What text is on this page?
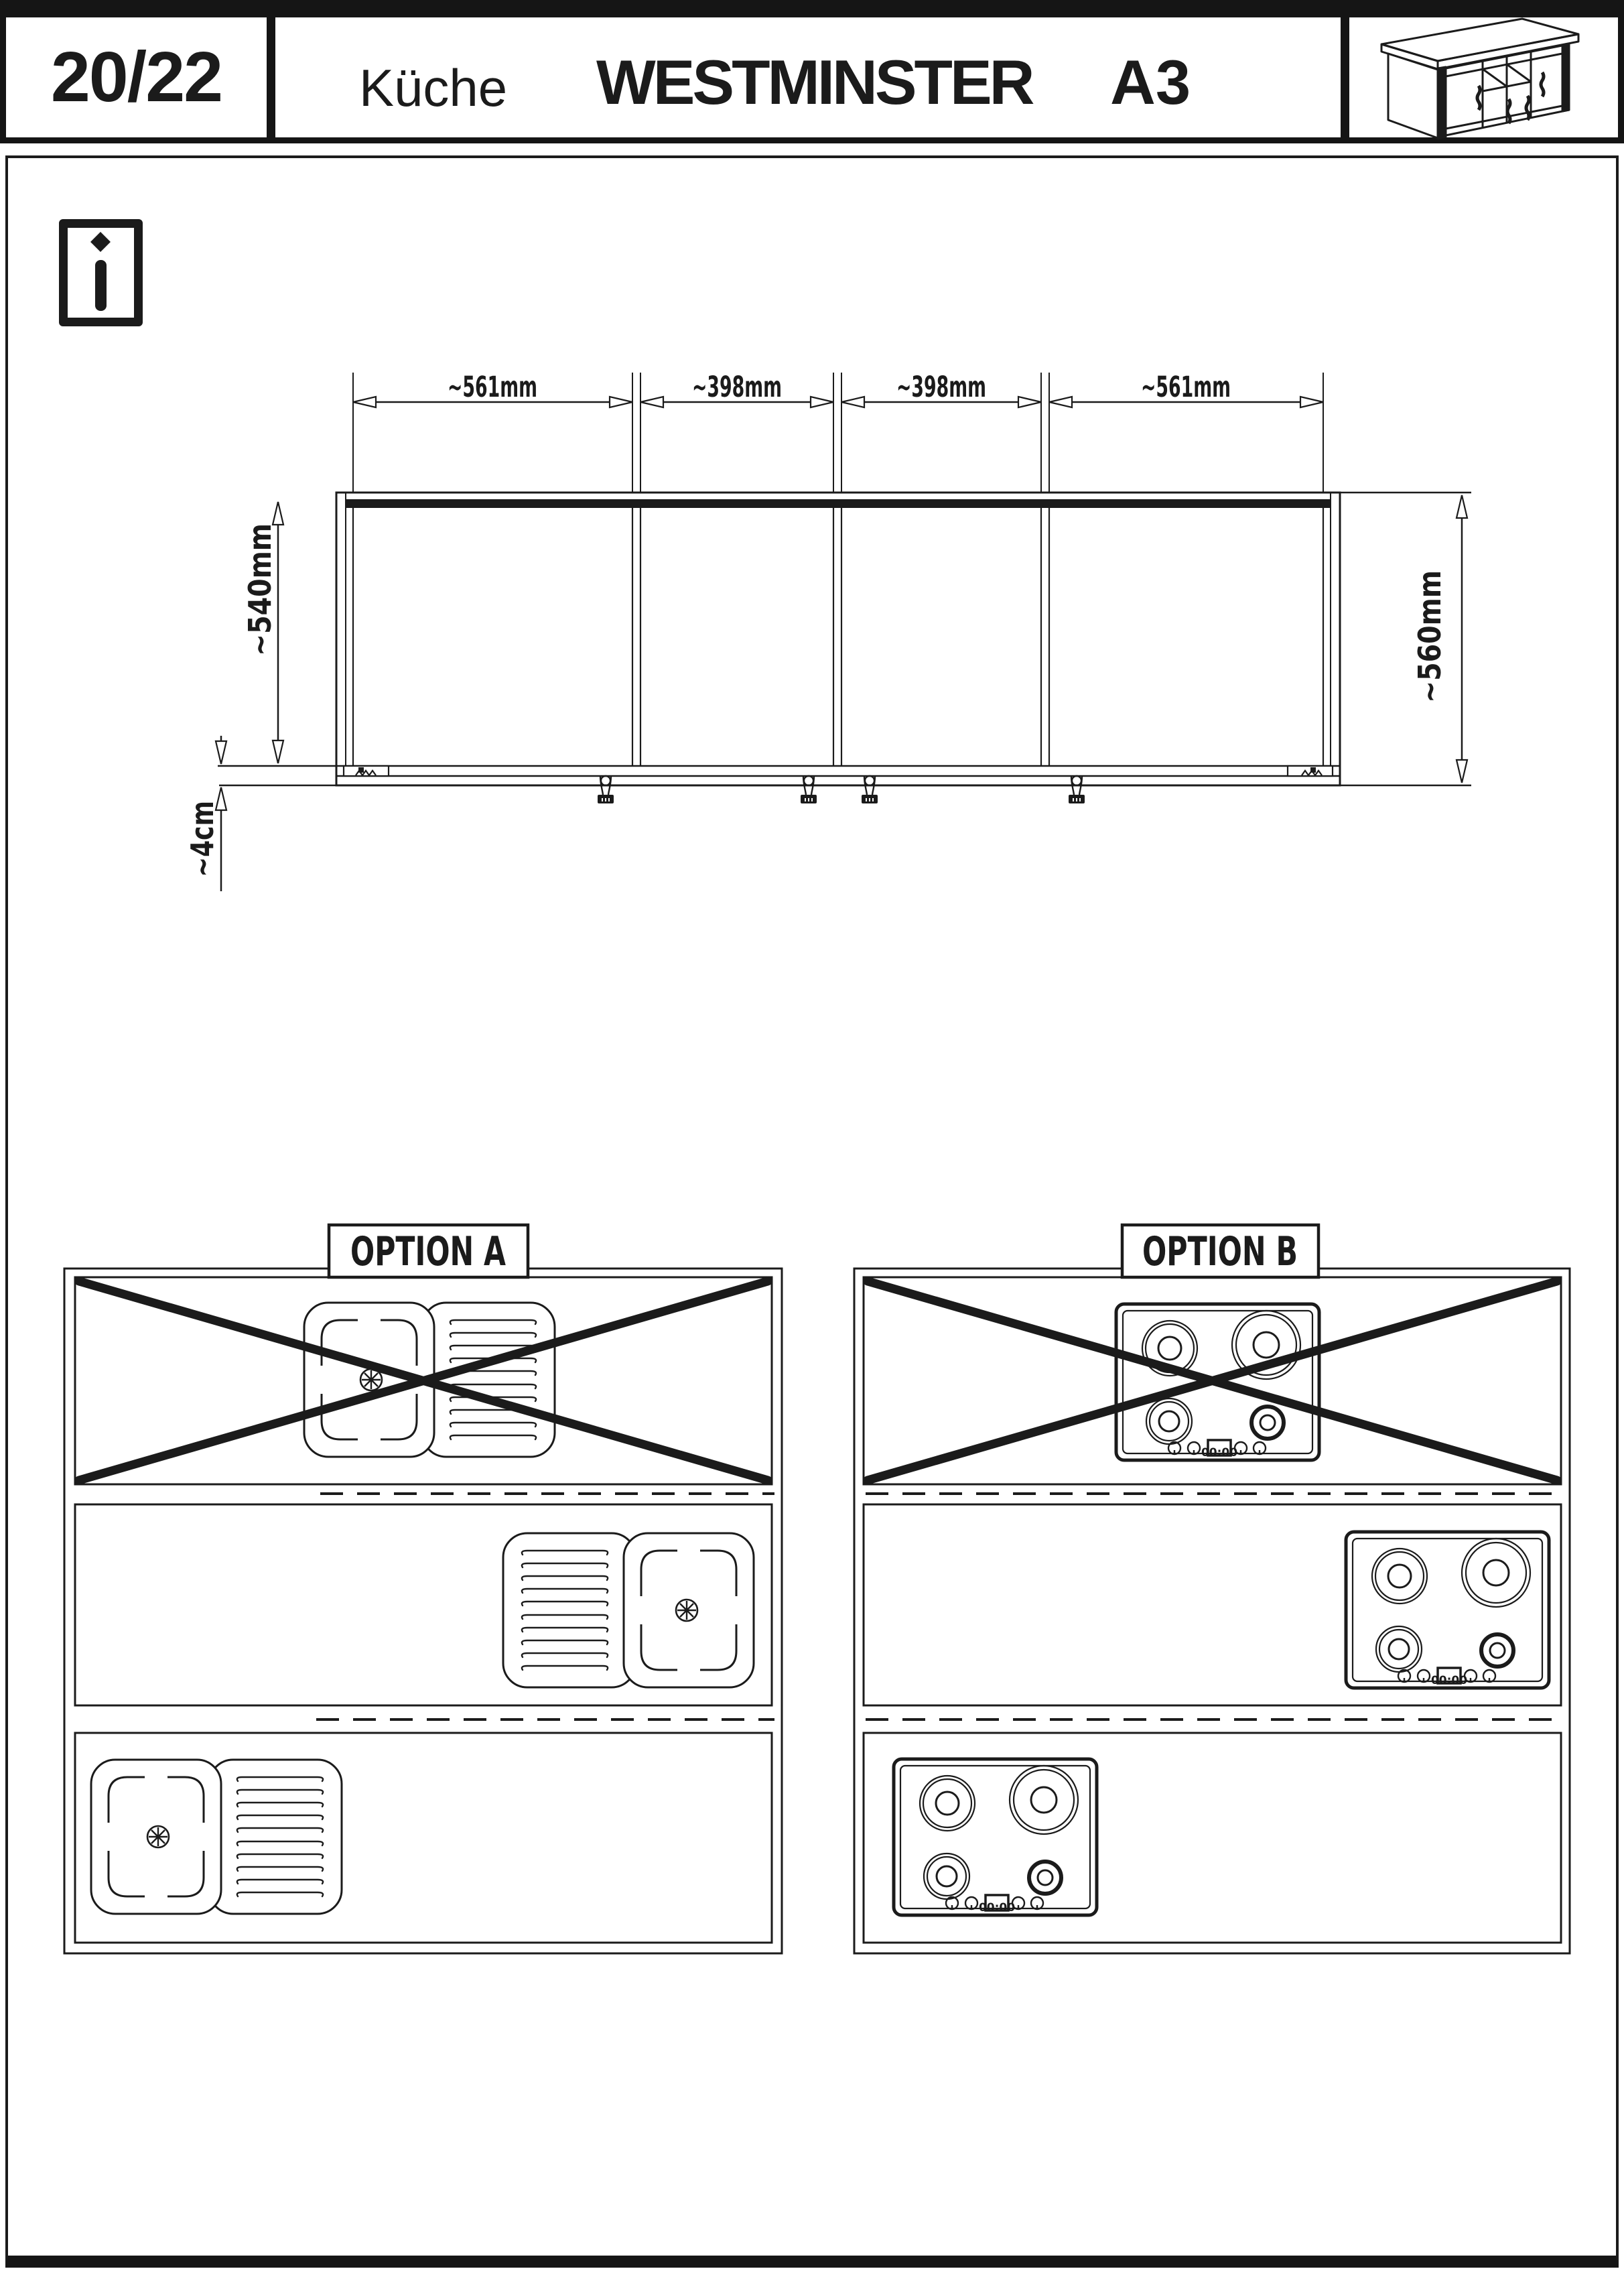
20/22	Küche WESTMINSTER A3
~561mm	~398mm	~398mm	~561mm
~540mm	~560mm
~4cm
OPTION A	OPTION B
00:00
00:00
00:00
